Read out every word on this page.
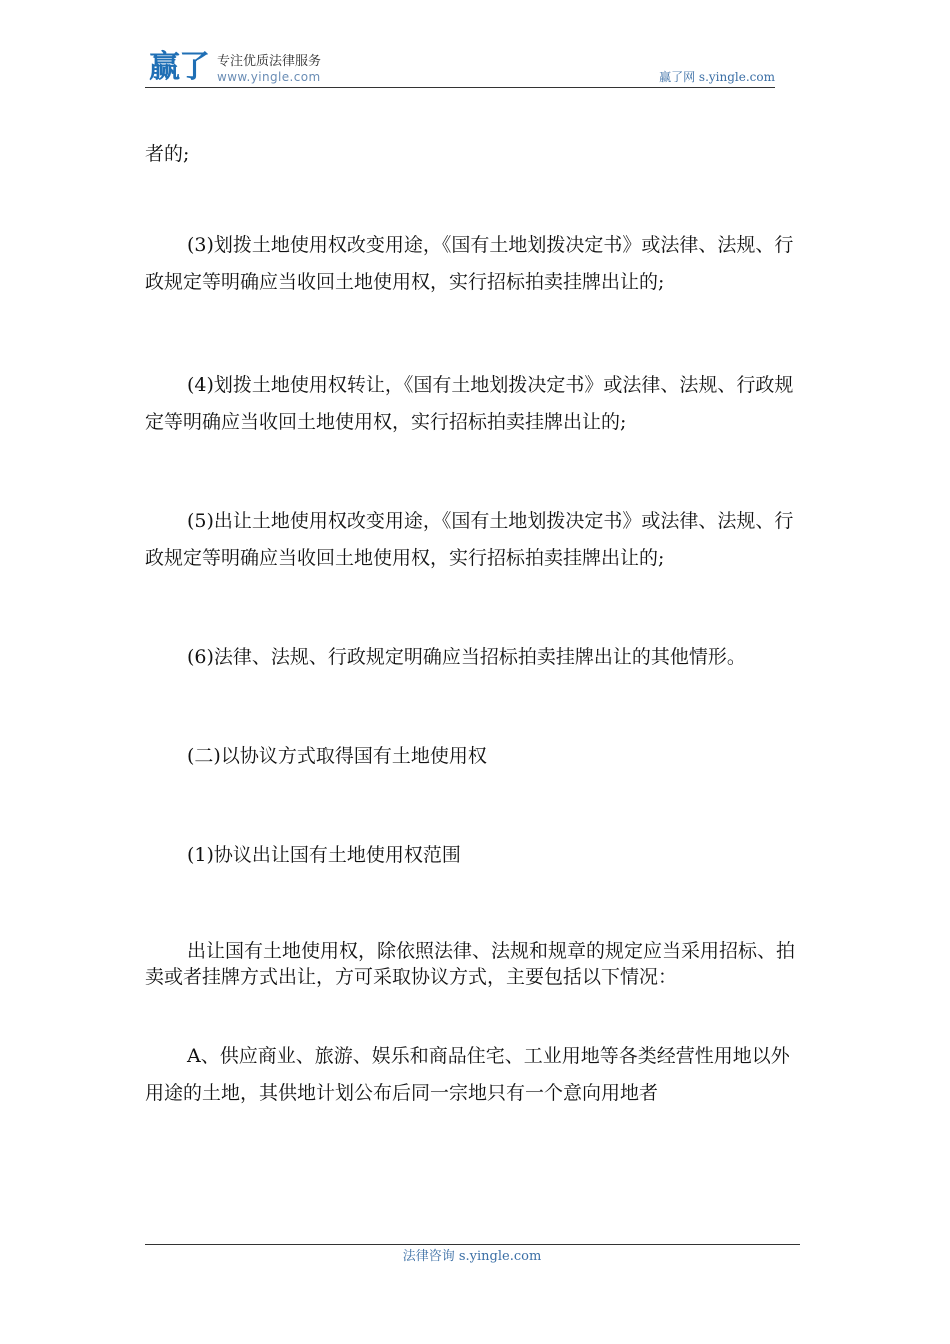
赢了 专注优质法律服务
www.yingle.com	赢了网 s.yingle.com

者的;

(3)划拨土地使用权改变用途，《国有土地划拨决定书》或法律、法规、行政规定等明确应当收回土地使用权，实行招标拍卖挂牌出让的;

(4)划拨土地使用权转让，《国有土地划拨决定书》或法律、法规、行政规定等明确应当收回土地使用权，实行招标拍卖挂牌出让的;

(5)出让土地使用权改变用途，《国有土地划拨决定书》或法律、法规、行政规定等明确应当收回土地使用权，实行招标拍卖挂牌出让的;

(6)法律、法规、行政规定明确应当招标拍卖挂牌出让的其他情形。

(二)以协议方式取得国有土地使用权

(1)协议出让国有土地使用权范围

出让国有土地使用权，除依照法律、法规和规章的规定应当采用招标、拍卖或者挂牌方式出让，方可采取协议方式，主要包括以下情况：

A、供应商业、旅游、娱乐和商品住宅、工业用地等各类经营性用地以外用途的土地，其供地计划公布后同一宗地只有一个意向用地者

法律咨询 s.yingle.com
